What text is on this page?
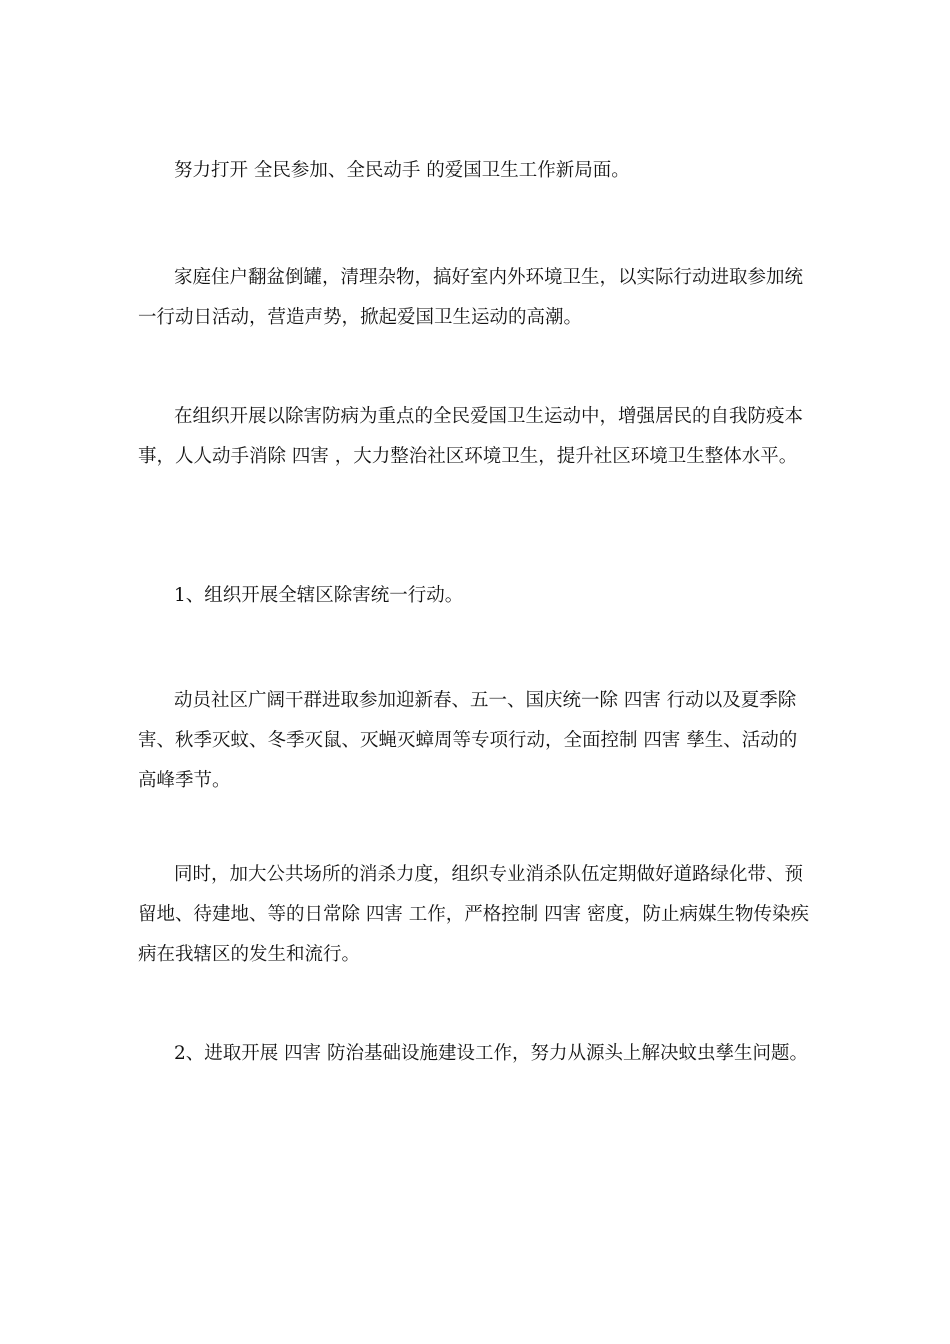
努力打开 全民参加、全民动手 的爱国卫生工作新局面。

家庭住户翻盆倒罐，清理杂物，搞好室内外环境卫生，以实际行动进取参加统一行动日活动，营造声势，掀起爱国卫生运动的高潮。

在组织开展以除害防病为重点的全民爱国卫生运动中，增强居民的自我防疫本事，人人动手消除 四害 ，大力整治社区环境卫生，提升社区环境卫生整体水平。

1、组织开展全辖区除害统一行动。

动员社区广阔干群进取参加迎新春、五一、国庆统一除 四害 行动以及夏季除害、秋季灭蚊、冬季灭鼠、灭蝇灭蟑周等专项行动，全面控制 四害 孳生、活动的高峰季节。

同时，加大公共场所的消杀力度，组织专业消杀队伍定期做好道路绿化带、预留地、待建地、等的日常除 四害 工作，严格控制 四害 密度，防止病媒生物传染疾病在我辖区的发生和流行。

2、进取开展 四害 防治基础设施建设工作，努力从源头上解决蚊虫孳生问题。
